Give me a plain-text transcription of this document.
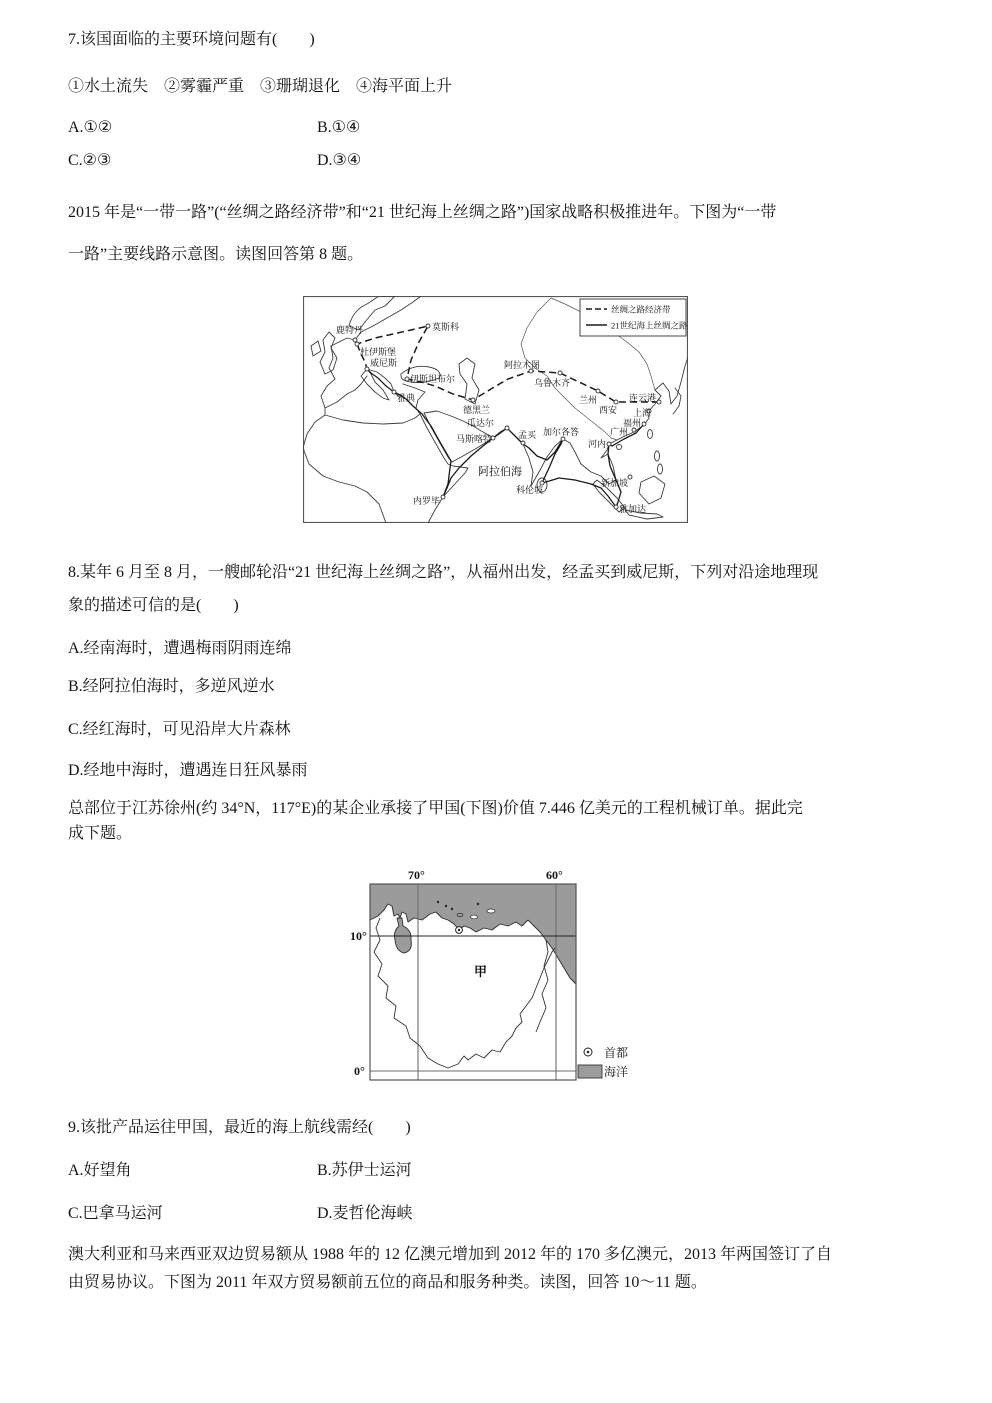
7.该国面临的主要环境问题有(　　)
①水土流失　②雾霾严重　③珊瑚退化　④海平面上升
A.①②	B.①④
C.②③	D.③④
2015 年是“一带一路”(“丝绸之路经济带”和“21 世纪海上丝绸之路”)国家战略积极推进年。下图为“一带
一路”主要线路示意图。读图回答第 8 题。
鹿特丹	莫斯科
杜伊斯堡
威尼斯
伊斯坦布尔
雅典
德黑兰
阿拉木图
乌鲁木齐
兰州
西安
连云港
上海
福州
广州
河内
加尔各答
孟买
瓜达尔
马斯喀特
科伦坡
新加坡
雅加达
内罗毕
阿拉伯海
丝绸之路经济带
21世纪海上丝绸之路
8.某年 6 月至 8 月，一艘邮轮沿“21 世纪海上丝绸之路”，从福州出发，经孟买到威尼斯，下列对沿途地理现
象的描述可信的是(　　)
A.经南海时，遭遇梅雨阴雨连绵
B.经阿拉伯海时，多逆风逆水
C.经红海时，可见沿岸大片森林
D.经地中海时，遭遇连日狂风暴雨
总部位于江苏徐州(约 34°N，117°E)的某企业承接了甲国(下图)价值 7.446 亿美元的工程机械订单。据此完
成下题。
70°	60°
10°
0°
甲
首都
海洋
9.该批产品运往甲国，最近的海上航线需经(　　)
A.好望角	B.苏伊士运河
C.巴拿马运河	D.麦哲伦海峡
澳大利亚和马来西亚双边贸易额从 1988 年的 12 亿澳元增加到 2012 年的 170 多亿澳元，2013 年两国签订了自
由贸易协议。下图为 2011 年双方贸易额前五位的商品和服务种类。读图，回答 10～11 题。
